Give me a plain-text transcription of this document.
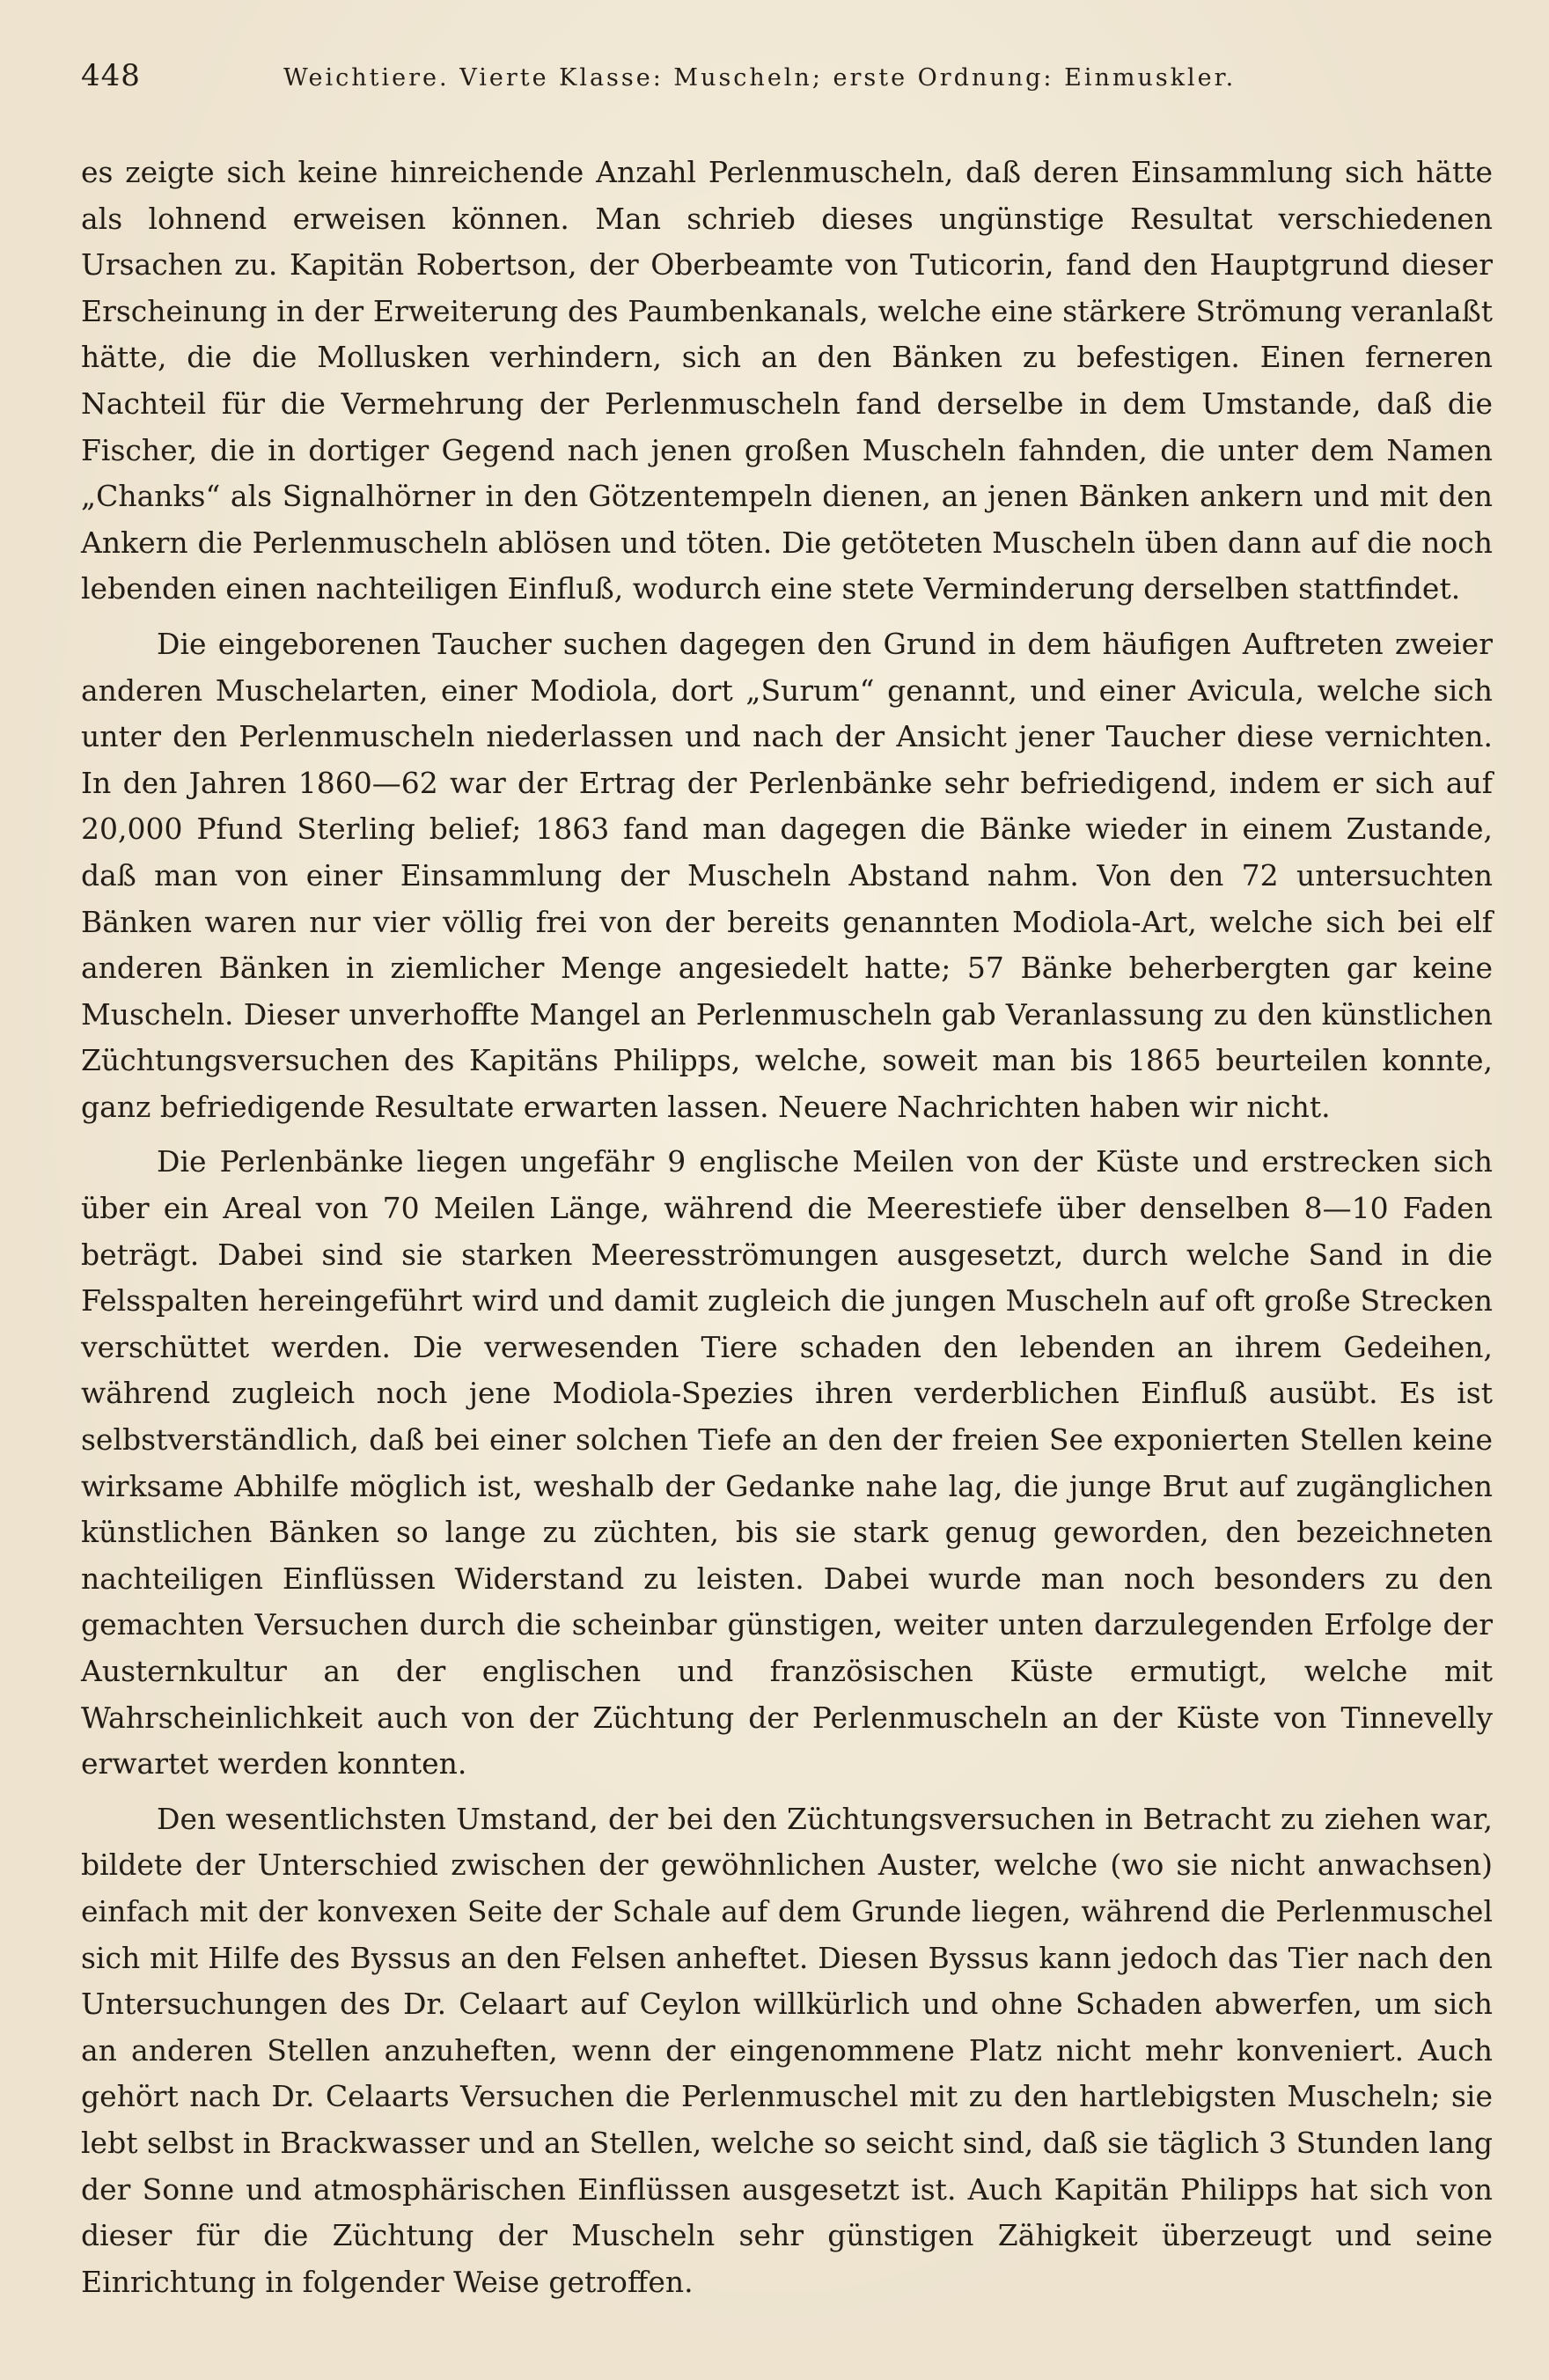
448	Weichtiere. Vierte Klasse: Muscheln; erste Ordnung: Einmuskler.

es zeigte sich keine hinreichende Anzahl Perlenmuscheln, daß deren Einsammlung sich hätte als lohnend erweisen können. Man schrieb dieses ungünstige Resultat verschiedenen Ursachen zu. Kapitän Robertson, der Oberbeamte von Tuticorin, fand den Hauptgrund dieser Erscheinung in der Erweiterung des Paumbenkanals, welche eine stärkere Strömung veranlaßt hätte, die die Mollusken verhindern, sich an den Bänken zu befestigen. Einen ferneren Nachteil für die Vermehrung der Perlenmuscheln fand derselbe in dem Umstande, daß die Fischer, die in dortiger Gegend nach jenen großen Muscheln fahnden, die unter dem Namen „Chanks“ als Signalhörner in den Götzentempeln dienen, an jenen Bänken ankern und mit den Ankern die Perlenmuscheln ablösen und töten. Die getöteten Muscheln üben dann auf die noch lebenden einen nachteiligen Einfluß, wodurch eine stete Verminderung derselben stattfindet.

Die eingeborenen Taucher suchen dagegen den Grund in dem häufigen Auftreten zweier anderen Muschelarten, einer Modiola, dort „Surum“ genannt, und einer Avicula, welche sich unter den Perlenmuscheln niederlassen und nach der Ansicht jener Taucher diese vernichten. In den Jahren 1860—62 war der Ertrag der Perlenbänke sehr befriedigend, indem er sich auf 20,000 Pfund Sterling belief; 1863 fand man dagegen die Bänke wieder in einem Zustande, daß man von einer Einsammlung der Muscheln Abstand nahm. Von den 72 untersuchten Bänken waren nur vier völlig frei von der bereits genannten Modiola-Art, welche sich bei elf anderen Bänken in ziemlicher Menge angesiedelt hatte; 57 Bänke beherbergten gar keine Muscheln. Dieser unverhoffte Mangel an Perlenmuscheln gab Veranlassung zu den künstlichen Züchtungsversuchen des Kapitäns Philipps, welche, soweit man bis 1865 beurteilen konnte, ganz befriedigende Resultate erwarten lassen. Neuere Nachrichten haben wir nicht.

Die Perlenbänke liegen ungefähr 9 englische Meilen von der Küste und erstrecken sich über ein Areal von 70 Meilen Länge, während die Meerestiefe über denselben 8—10 Faden beträgt. Dabei sind sie starken Meeresströmungen ausgesetzt, durch welche Sand in die Felsspalten hereingeführt wird und damit zugleich die jungen Muscheln auf oft große Strecken verschüttet werden. Die verwesenden Tiere schaden den lebenden an ihrem Gedeihen, während zugleich noch jene Modiola-Spezies ihren verderblichen Einfluß ausübt. Es ist selbstverständlich, daß bei einer solchen Tiefe an den der freien See exponierten Stellen keine wirksame Abhilfe möglich ist, weshalb der Gedanke nahe lag, die junge Brut auf zugänglichen künstlichen Bänken so lange zu züchten, bis sie stark genug geworden, den bezeichneten nachteiligen Einflüssen Widerstand zu leisten. Dabei wurde man noch besonders zu den gemachten Versuchen durch die scheinbar günstigen, weiter unten darzulegenden Erfolge der Austernkultur an der englischen und französischen Küste ermutigt, welche mit Wahrscheinlichkeit auch von der Züchtung der Perlenmuscheln an der Küste von Tinnevelly erwartet werden konnten.

Den wesentlichsten Umstand, der bei den Züchtungsversuchen in Betracht zu ziehen war, bildete der Unterschied zwischen der gewöhnlichen Auster, welche (wo sie nicht anwachsen) einfach mit der konvexen Seite der Schale auf dem Grunde liegen, während die Perlenmuschel sich mit Hilfe des Byssus an den Felsen anheftet. Diesen Byssus kann jedoch das Tier nach den Untersuchungen des Dr. Celaart auf Ceylon willkürlich und ohne Schaden abwerfen, um sich an anderen Stellen anzuheften, wenn der eingenommene Platz nicht mehr konveniert. Auch gehört nach Dr. Celaarts Versuchen die Perlenmuschel mit zu den hartlebigsten Muscheln; sie lebt selbst in Brackwasser und an Stellen, welche so seicht sind, daß sie täglich 3 Stunden lang der Sonne und atmosphärischen Einflüssen ausgesetzt ist. Auch Kapitän Philipps hat sich von dieser für die Züchtung der Muscheln sehr günstigen Zähigkeit überzeugt und seine Einrichtung in folgender Weise getroffen.
